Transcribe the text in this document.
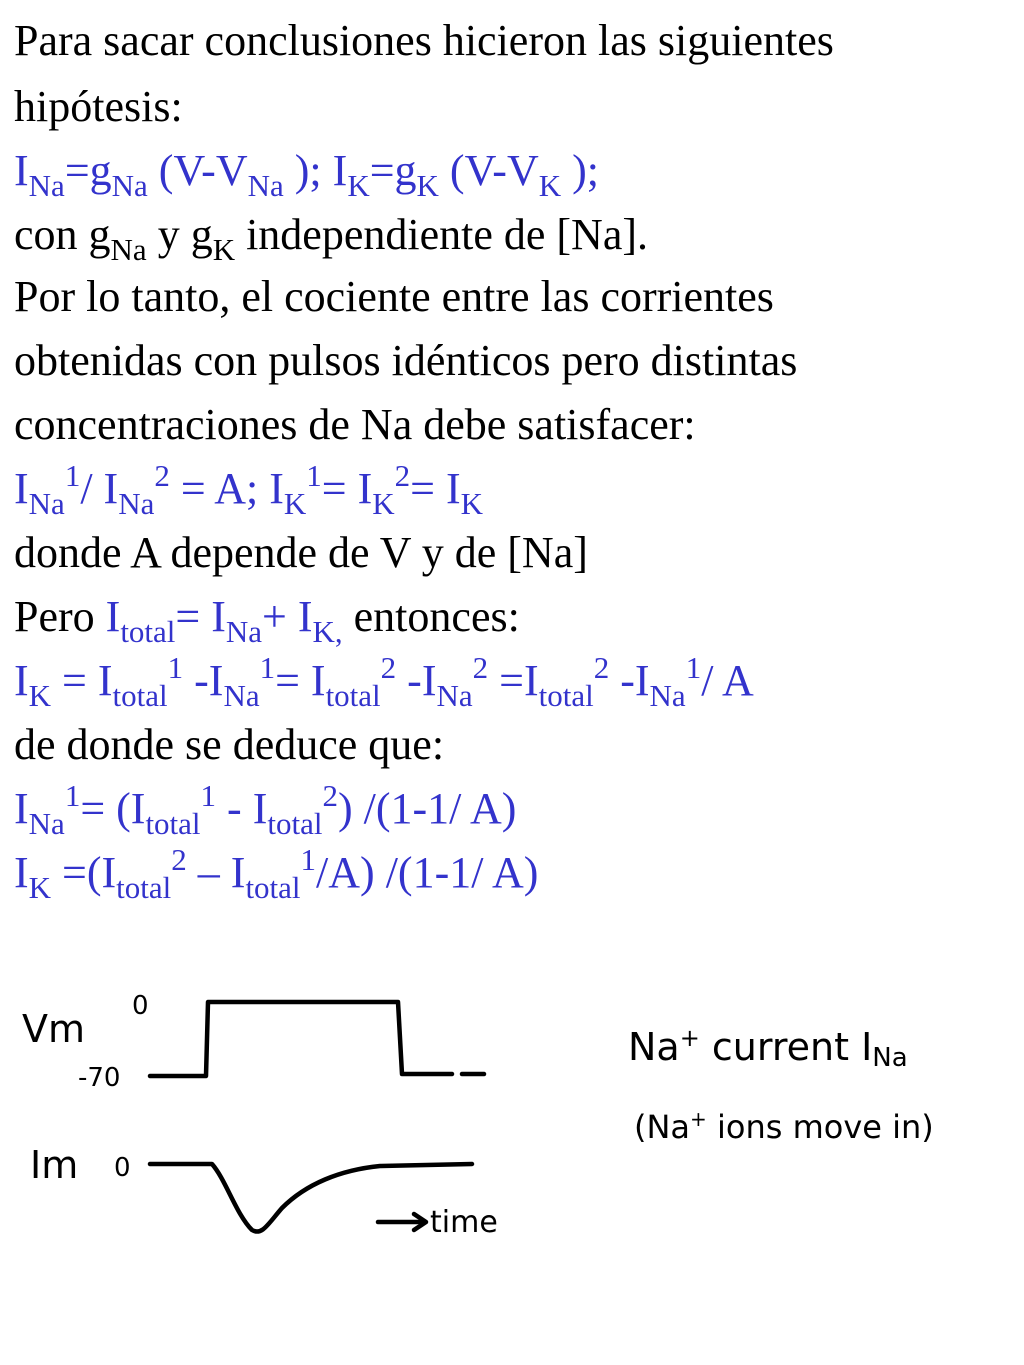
Para sacar conclusiones hicieron las siguientes
hipótesis:
$I_{Na}=g_{Na}$ ($V-V_{Na}$ ); $I_K=g_K$ ($V-V_K$ );
con $g_{Na}$ y $g_K$ independiente de [Na].
Por lo tanto, el cociente entre las corrientes
obtenidas con pulsos idénticos pero distintas
concentraciones de Na debe satisfacer:
$I_{Na}^1/$ $I_{Na}^2 = A$; $I_K^1= I_K^2= I_K$
donde A depende de V y de [Na]
Pero $I_{total}= I_{Na}+ I_{K,}$ entonces:
$I_K = I_{total}^1$ $-I_{Na}^1= I_{total}^2$ $-I_{Na}^2 =I_{total}^2$ $-I_{Na}^1/$ A
de donde se deduce que:
$I_{Na}^1= (I_{total}^1 - I_{total}^2)$ /(1-1/ A)
$I_K =(I_{total}^2 - I_{total}^1/A)$ /(1-1/ A)
Vm
0
-70
Im 0
time
Na+ current INa
(Na+ ions move in)
